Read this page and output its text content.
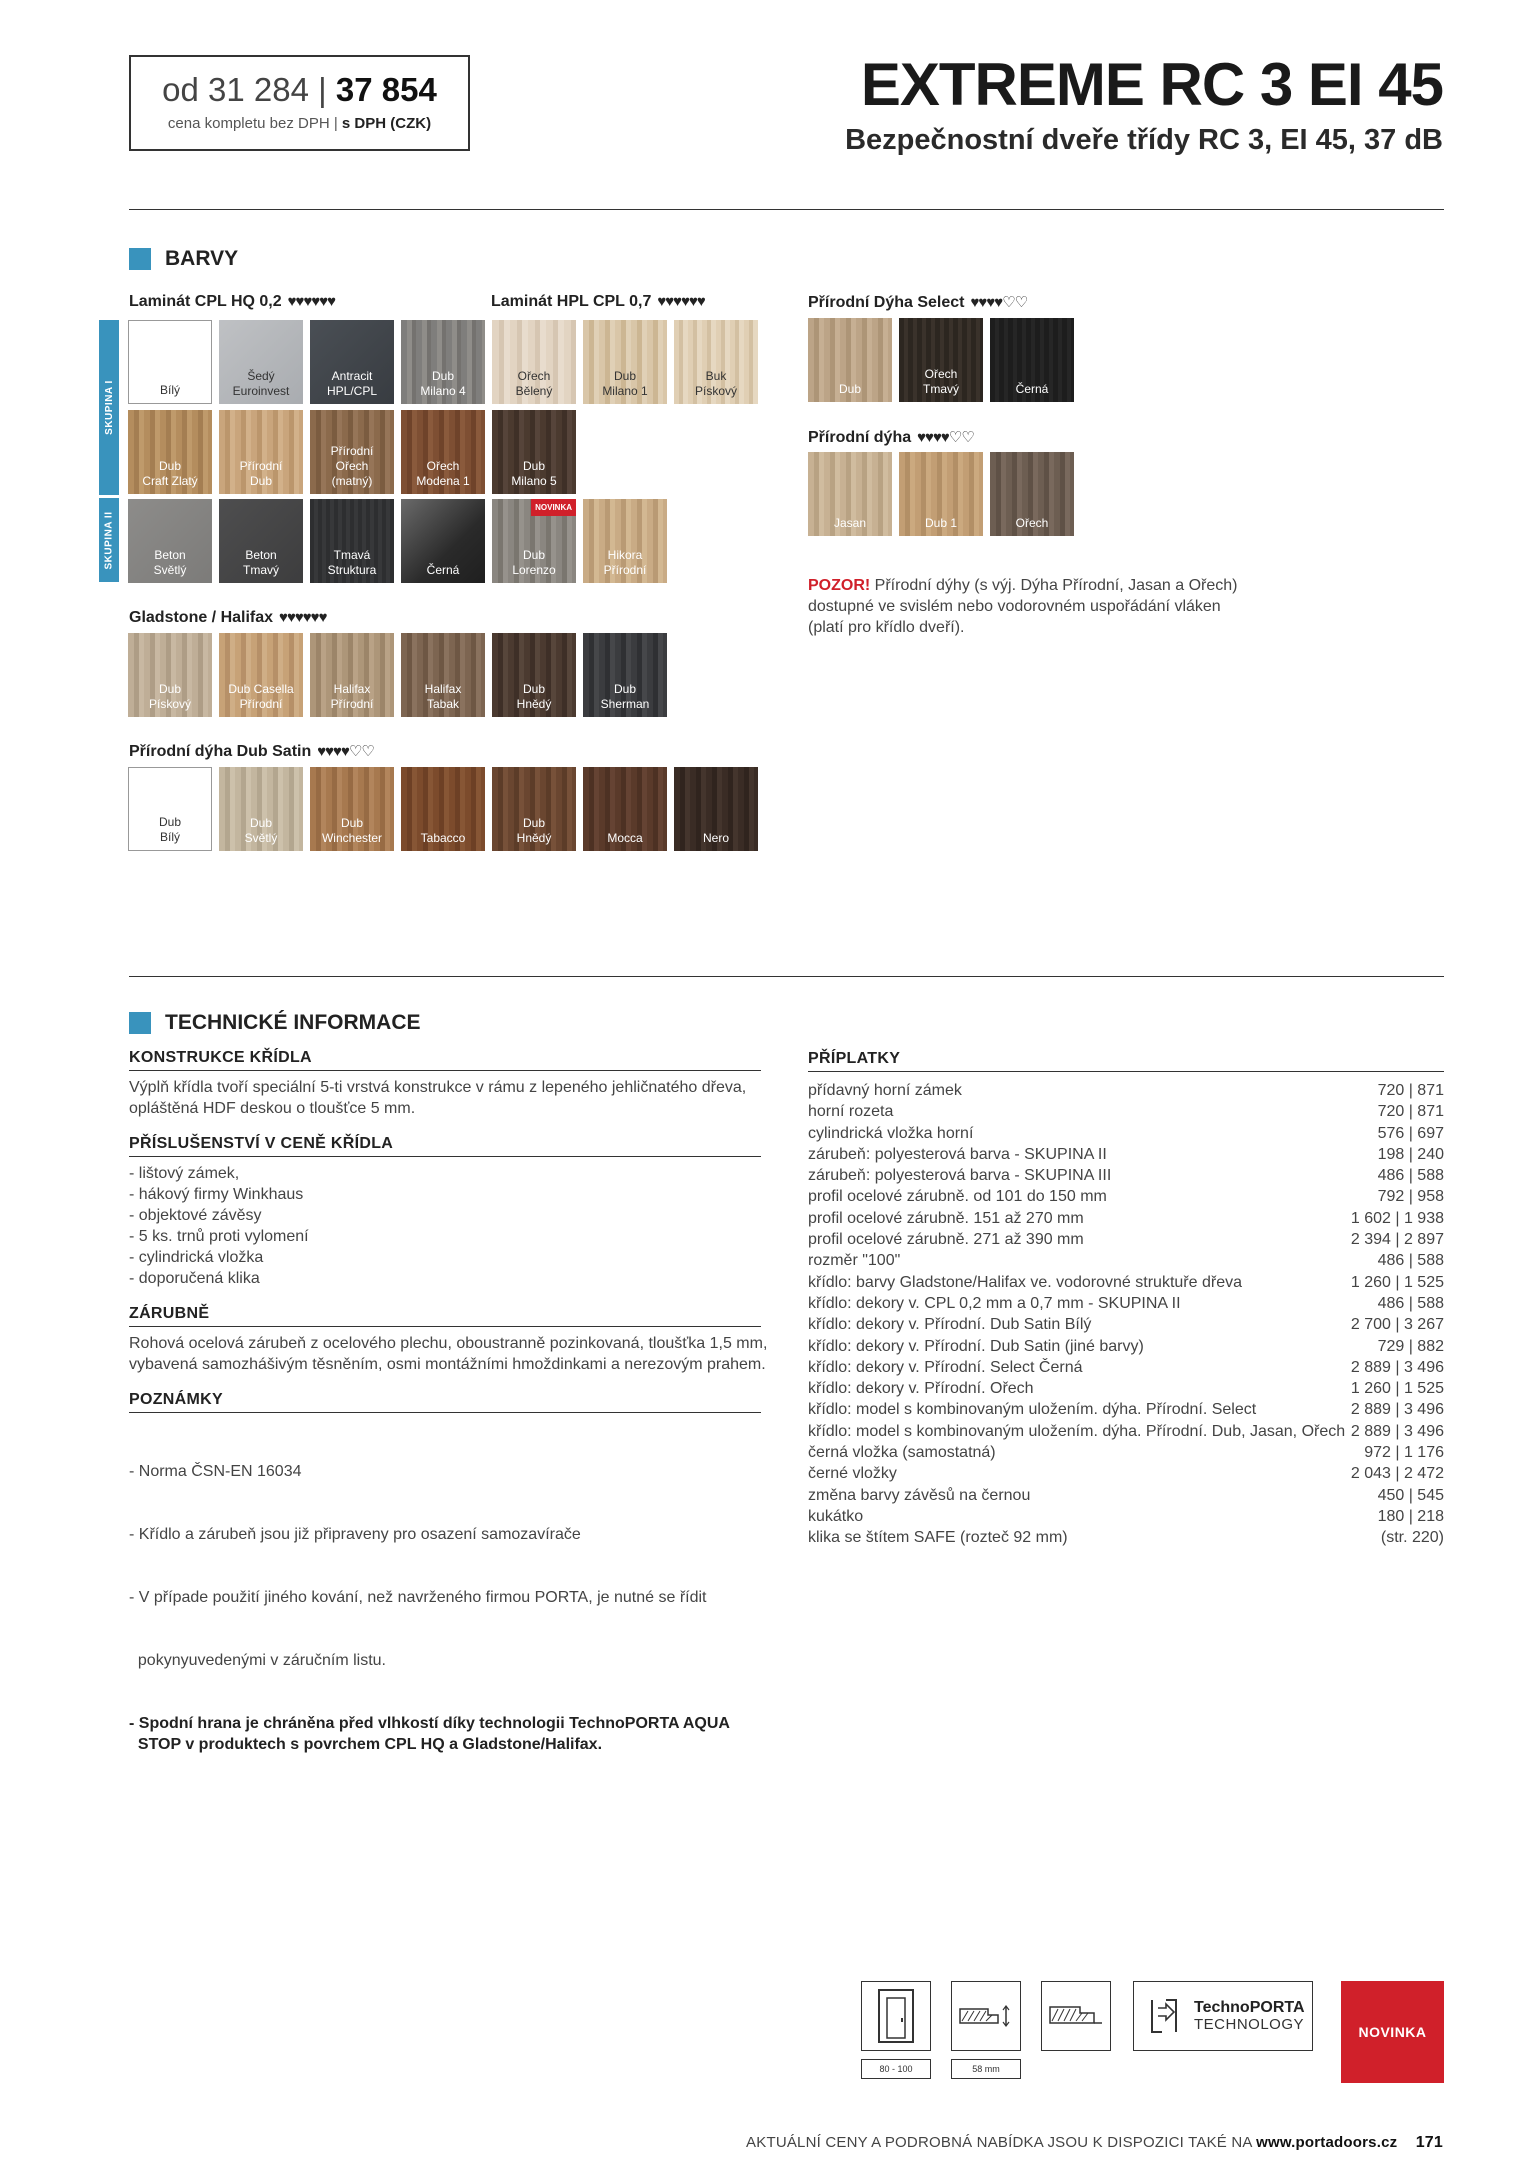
od 31 284 | 37 854
cena kompletu bez DPH | s DPH (CZK)
EXTREME RC 3 EI 45
Bezpečnostní dveře třídy RC 3, EI 45, 37 dB
BARVY
Laminát CPL HQ 0,2 ♥♥♥♥♥♥	Laminát HPL CPL 0,7 ♥♥♥♥♥♥	Přírodní Dýha Select ♥♥♥♥♡♡
SKUPINA I
SKUPINA II
Bílý
Šedý
Euroinvest
Antracit
HPL/CPL
Dub
Milano 4
Ořech
Bělený
Dub
Milano 1
Buk
Pískový
Dub
Craft Zlatý
Přírodní
Dub
Přírodní
Ořech
(matný)
Ořech
Modena 1
Dub
Milano 5
Beton
Světlý
Beton
Tmavý
Tmavá
Struktura	Černá
Dub
Lorenzo
NOVINKA
Hikora
Přírodní
Gladstone / Halifax ♥♥♥♥♥♥
Dub
Pískový
Dub Casella
Přírodní
Halifax
Přírodní
Halifax
Tabak
Dub
Hnědý
Dub
Sherman
Přírodní dýha Dub Satin ♥♥♥♥♡♡
Dub
Bílý
Dub
Světlý
Dub
Winchester	Tabacco
Dub
Hnědý	Mocca	Nero
Dub
Ořech
Tmavý	Černá
Přírodní dýha ♥♥♥♥♡♡
Jasan	Dub 1	Ořech
POZOR! Přírodní dýhy (s výj. Dýha Přírodní, Jasan a Ořech) dostupné ve svislém nebo vodorovném uspořádání vláken (platí pro křídlo dveří).
TECHNICKÉ INFORMACE
KONSTRUKCE KŘÍDLA
Výplň křídla tvoří speciální 5-ti vrstvá konstrukce v rámu z lepeného jehličnatého dřeva, opláštěná HDF deskou o tloušťce 5 mm.
PŘÍSLUŠENSTVÍ V CENĚ KŘÍDLA
- lištový zámek,
- hákový firmy Winkhaus
- objektové závěsy
- 5 ks. trnů proti vylomení
- cylindrická vložka
- doporučená klika
ZÁRUBNĚ
Rohová ocelová zárubeň z ocelového plechu, oboustranně pozinkovaná, tloušťka 1,5 mm, vybavená samozhášivým těsněním, osmi montážními hmoždinkami a nerezovým prahem.
POZNÁMKY

- Norma ČSN-EN 16034

- Křídlo a zárubeň jsou již připraveny pro osazení samozavírače

- V případe použití jiného kování, než navrženého firmou PORTA, je nutné se řídit

pokynyuvedenými v záručním listu.

- Spodní hrana je chráněna před vlhkostí díky technologii TechnoPORTA AQUA
STOP v produktech s povrchem CPL HQ a Gladstone/Halifax.

PŘÍPLATKY
přídavný horní zámek	720 | 871
horní rozeta	720 | 871
cylindrická vložka horní	576 | 697
zárubeň: polyesterová barva - SKUPINA II	198 | 240
zárubeň: polyesterová barva - SKUPINA III	486 | 588
profil ocelové zárubně. od 101 do 150 mm	792 | 958
profil ocelové zárubně. 151 až 270 mm	1 602 | 1 938
profil ocelové zárubně. 271 až 390 mm	2 394 | 2 897
rozměr "100"	486 | 588
křídlo: barvy Gladstone/Halifax ve. vodorovné struktuře dřeva	1 260 | 1 525
křídlo: dekory v. CPL 0,2 mm a 0,7 mm - SKUPINA II	486 | 588
křídlo: dekory v. Přírodní. Dub Satin Bílý	2 700 | 3 267
křídlo: dekory v. Přírodní. Dub Satin (jiné barvy)	729 | 882
křídlo: dekory v. Přírodní. Select Černá	2 889 | 3 496
křídlo: dekory v. Přírodní. Ořech	1 260 | 1 525
křídlo: model s kombinovaným uložením. dýha. Přírodní. Select	2 889 | 3 496
křídlo: model s kombinovaným uložením. dýha. Přírodní. Dub, Jasan, Ořech 2 889 | 3 496
černá vložka (samostatná)	972 | 1 176
černé vložky	2 043 | 2 472
změna barvy závěsů na černou	450 | 545
kukátko	180 | 218
klika se štítem SAFE (rozteč 92 mm)	(str. 220)
80 - 100	58 mm
TechnoPORTA
TECHNOLOGY	NOVINKA
AKTUÁLNÍ CENY A PODROBNÁ NABÍDKA JSOU K DISPOZICI TAKÉ NA www.portadoors.cz 171
